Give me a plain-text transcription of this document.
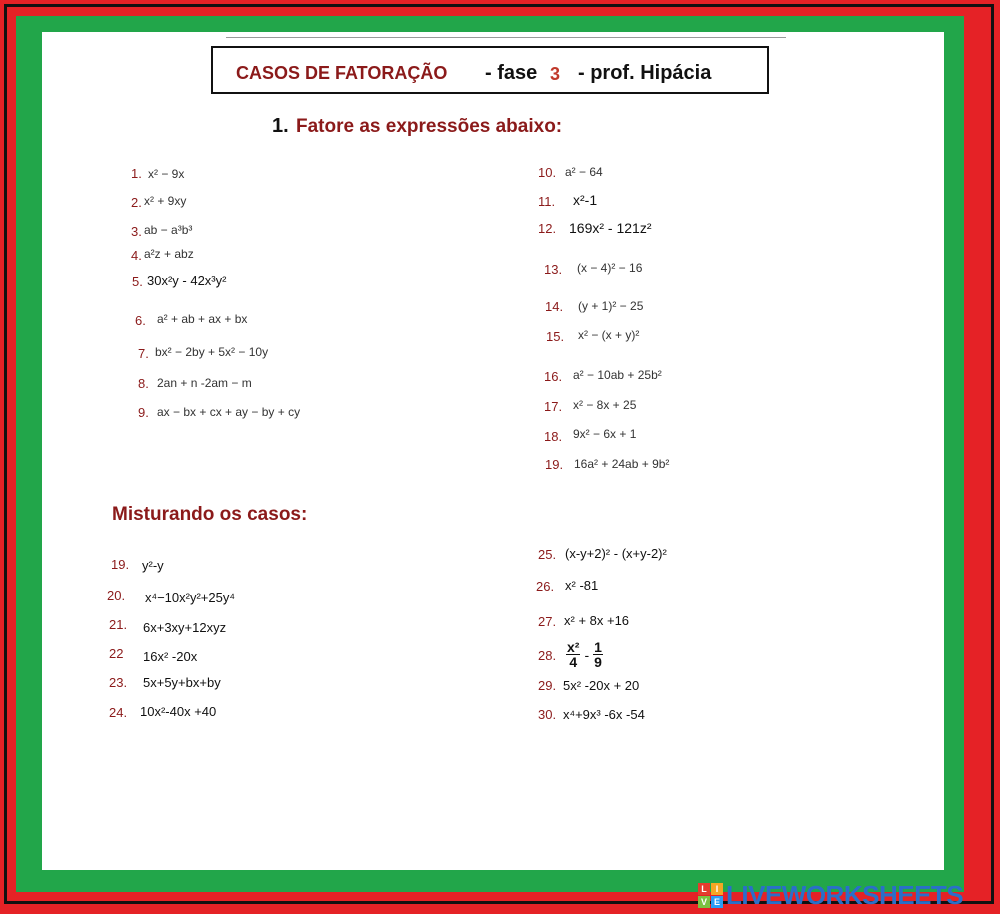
CASOS DE FATORAÇÃO - fase 3 - prof. Hipácia
1. Fatore as expressões abaixo:
1. x² − 9x
2. x² + 9xy
3. ab − a³b³
4. a²z + abz
5. 30x²y - 42x³y²
6. a² + ab + ax + bx
7. bx² − 2by + 5x² − 10y
8. 2an + n -2am − m
9. ax − bx + cx + ay − by + cy
10. a² − 64
11. x²-1
12. 169x² - 121z²
13. (x − 4)² − 16
14. (y + 1)² − 25
15. x² − (x + y)²
16. a² − 10ab + 25b²
17. x² − 8x + 25
18. 9x² − 6x + 1
19. 16a² + 24ab + 9b²
Misturando os casos:
19. y²-y
20. x⁴−10x²y²+25y⁴
21. 6x+3xy+12xyz
22 16x² -20x
23. 5x+5y+bx+by
24. 10x²-40x +40
25. (x-y+2)² - (x+y-2)²
26. x² -81
27. x² + 8x +16
28. $\frac{\text{x²}}{4} - \frac{1}{9}$
29. 5x² -20x + 20
30. x⁴+9x³ -6x -54
L I
V E LIVEWORKSHEETS
